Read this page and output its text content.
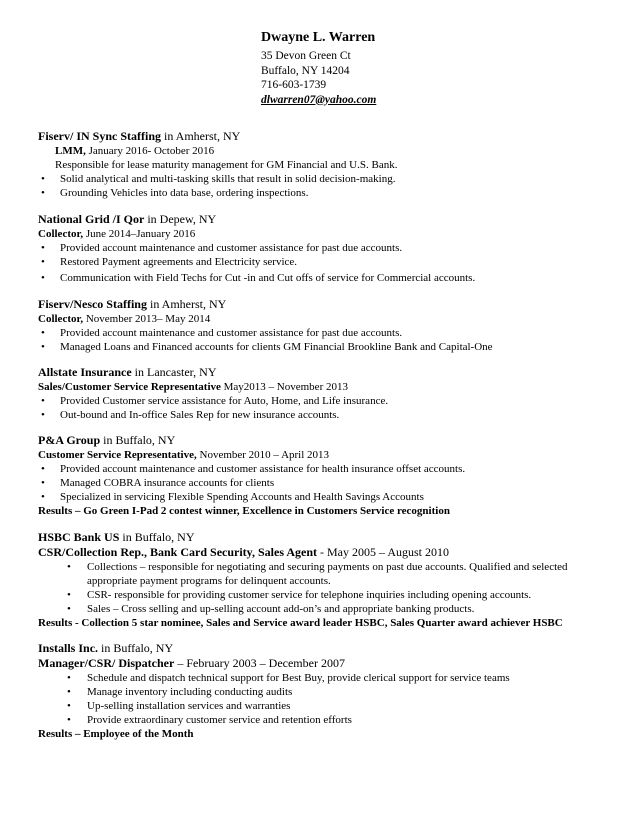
Dwayne L. Warren
35 Devon Green Ct
Buffalo, NY 14204
716-603-1739
dlwarren07@yahoo.com
Fiserv/ IN Sync Staffing in Amherst, NY
LMM, January 2016- October 2016
Responsible for lease maturity management for GM Financial and U.S. Bank.
• Solid analytical and multi-tasking skills that result in solid decision-making.
• Grounding Vehicles into data base, ordering inspections.
National Grid /I Qor in Depew, NY
Collector, June 2014–January 2016
• Provided account maintenance and customer assistance for past due accounts.
• Restored Payment agreements and Electricity service.
• Communication with Field Techs for Cut -in and Cut offs of service for Commercial accounts.
Fiserv/Nesco Staffing in Amherst, NY
Collector, November 2013– May 2014
• Provided account maintenance and customer assistance for past due accounts.
• Managed Loans and Financed accounts for clients GM Financial Brookline Bank and Capital-One
Allstate Insurance in Lancaster, NY
Sales/Customer Service Representative May2013 – November 2013
• Provided Customer service assistance for Auto, Home, and Life insurance.
• Out-bound and In-office Sales Rep for new insurance accounts.
P&A Group in Buffalo, NY
Customer Service Representative, November 2010 – April 2013
• Provided account maintenance and customer assistance for health insurance offset accounts.
• Managed COBRA insurance accounts for clients
• Specialized in servicing Flexible Spending Accounts and Health Savings Accounts
Results – Go Green I-Pad 2 contest winner, Excellence in Customers Service recognition
HSBC Bank US in Buffalo, NY
CSR/Collection Rep., Bank Card Security, Sales Agent - May 2005 – August 2010
• Collections – responsible for negotiating and securing payments on past due accounts. Qualified and selected appropriate payment programs for delinquent accounts.
• CSR- responsible for providing customer service for telephone inquiries including opening accounts.
• Sales – Cross selling and up-selling account add-on’s and appropriate banking products.
Results - Collection 5 star nominee, Sales and Service award leader HSBC, Sales Quarter award achiever HSBC
Installs Inc. in Buffalo, NY
Manager/CSR/ Dispatcher – February 2003 – December 2007
• Schedule and dispatch technical support for Best Buy, provide clerical support for service teams
• Manage inventory including conducting audits
• Up-selling installation services and warranties
• Provide extraordinary customer service and retention efforts
Results – Employee of the Month
